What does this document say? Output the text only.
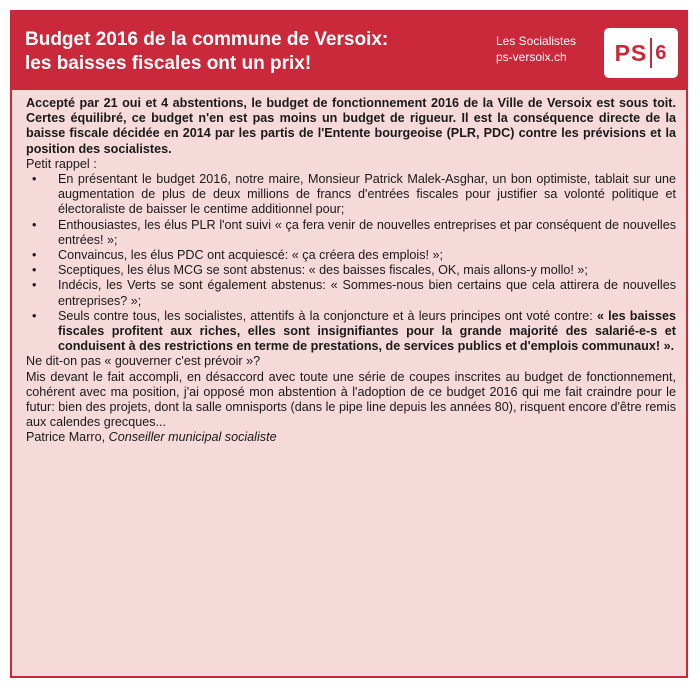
Budget 2016 de la commune de Versoix:
les baisses fiscales ont un prix!
Les Socialistes
ps-versoix.ch	PS 6

Accepté par 21 oui et 4 abstentions, le budget de fonctionnement 2016 de la Ville de Versoix est sous toit. Certes équilibré, ce budget n'en est pas moins un budget de rigueur. Il est la conséquence directe de la baisse fiscale décidée en 2014 par les partis de l'Entente bourgeoise (PLR, PDC) contre les prévisions et la position des socialistes.

Petit rappel :

• En présentant le budget 2016, notre maire, Monsieur Patrick Malek-Asghar, un bon optimiste, tablait sur une augmentation de plus de deux millions de francs d'entrées fiscales pour justifier sa volonté politique et électoraliste de baisser le centime additionnel pour;
• Enthousiastes, les élus PLR l'ont suivi « ça fera venir de nouvelles entreprises et par conséquent de nouvelles entrées! »;
• Convaincus, les élus PDC ont acquiescé: « ça créera des emplois! »;
• Sceptiques, les élus MCG se sont abstenus: « des baisses fiscales, OK, mais allons-y mollo! »;
• Indécis, les Verts se sont également abstenus: « Sommes-nous bien certains que cela attirera de nouvelles entreprises? »;
• Seuls contre tous, les socialistes, attentifs à la conjoncture et à leurs principes ont voté contre: « les baisses fiscales profitent aux riches, elles sont insignifiantes pour la grande majorité des salarié-e-s et conduisent à des restrictions en terme de prestations, de services publics et d'emplois communaux! ».

Ne dit-on pas « gouverner c'est prévoir »?

Mis devant le fait accompli, en désaccord avec toute une série de coupes inscrites au budget de fonctionnement, cohérent avec ma position, j'ai opposé mon abstention à l'adoption de ce budget 2016 qui me fait craindre pour le futur: bien des projets, dont la salle omnisports (dans le pipe line depuis les années 80), risquent encore d'être remis aux calendes grecques...

Patrice Marro, Conseiller municipal socialiste
